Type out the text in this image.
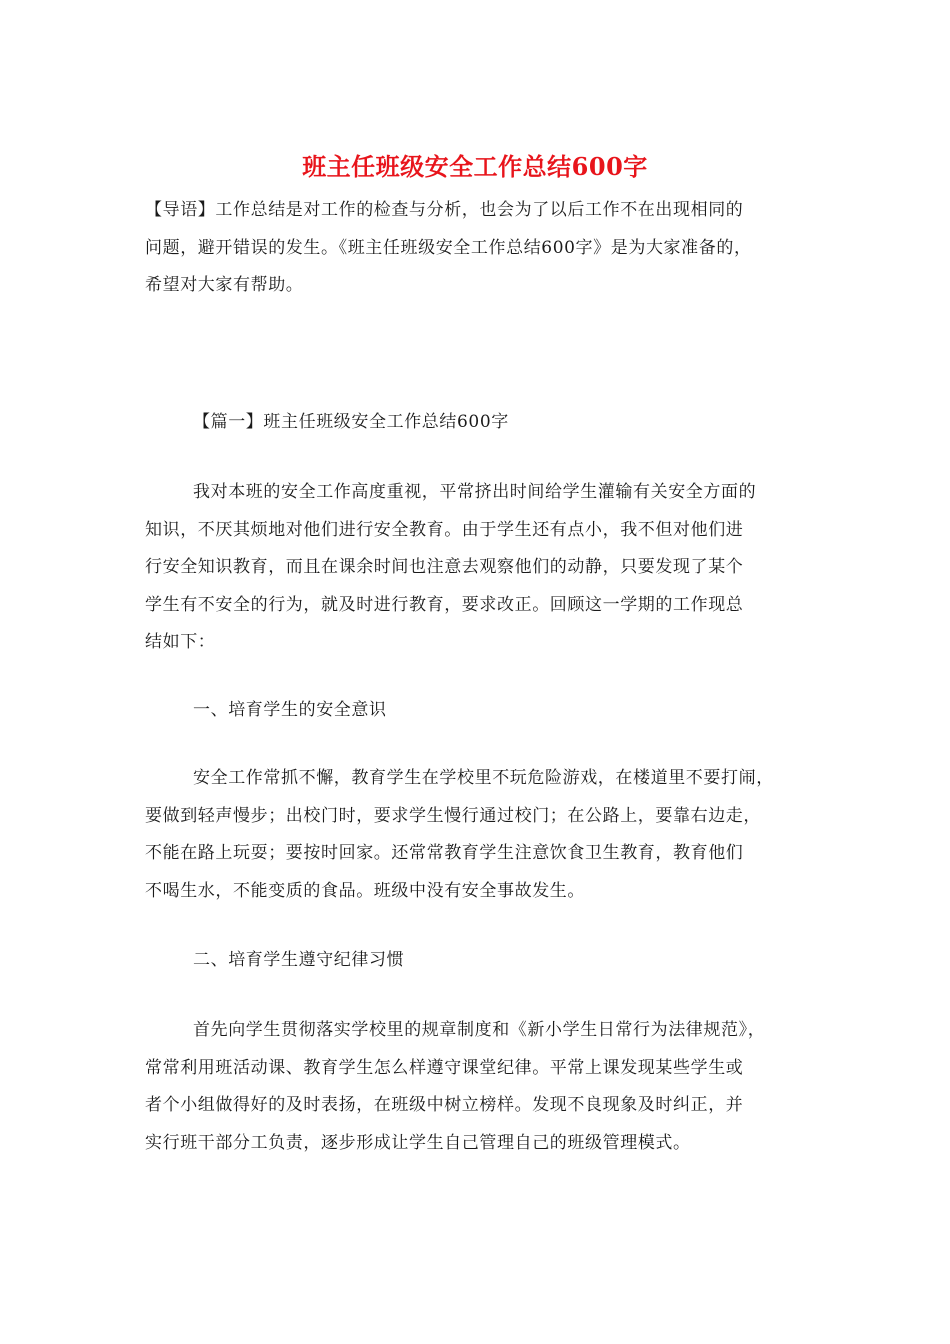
班主任班级安全工作总结600字
【导语】工作总结是对工作的检查与分析，也会为了以后工作不在出现相同的
问题，避开错误的发生。《班主任班级安全工作总结600字》是为大家准备的，
希望对大家有帮助。
【篇一】班主任班级安全工作总结600字
我对本班的安全工作高度重视，平常挤出时间给学生灌输有关安全方面的
知识，不厌其烦地对他们进行安全教育。由于学生还有点小，我不但对他们进
行安全知识教育，而且在课余时间也注意去观察他们的动静，只要发现了某个
学生有不安全的行为，就及时进行教育，要求改正。回顾这一学期的工作现总
结如下：
一、培育学生的安全意识
安全工作常抓不懈，教育学生在学校里不玩危险游戏，在楼道里不要打闹，
要做到轻声慢步；出校门时，要求学生慢行通过校门；在公路上，要靠右边走，
不能在路上玩耍；要按时回家。还常常教育学生注意饮食卫生教育，教育他们
不喝生水，不能变质的食品。班级中没有安全事故发生。
二、培育学生遵守纪律习惯
首先向学生贯彻落实学校里的规章制度和《新小学生日常行为法律规范》，
常常利用班活动课、教育学生怎么样遵守课堂纪律。平常上课发现某些学生或
者个小组做得好的及时表扬，在班级中树立榜样。发现不良现象及时纠正，并
实行班干部分工负责，逐步形成让学生自己管理自己的班级管理模式。
